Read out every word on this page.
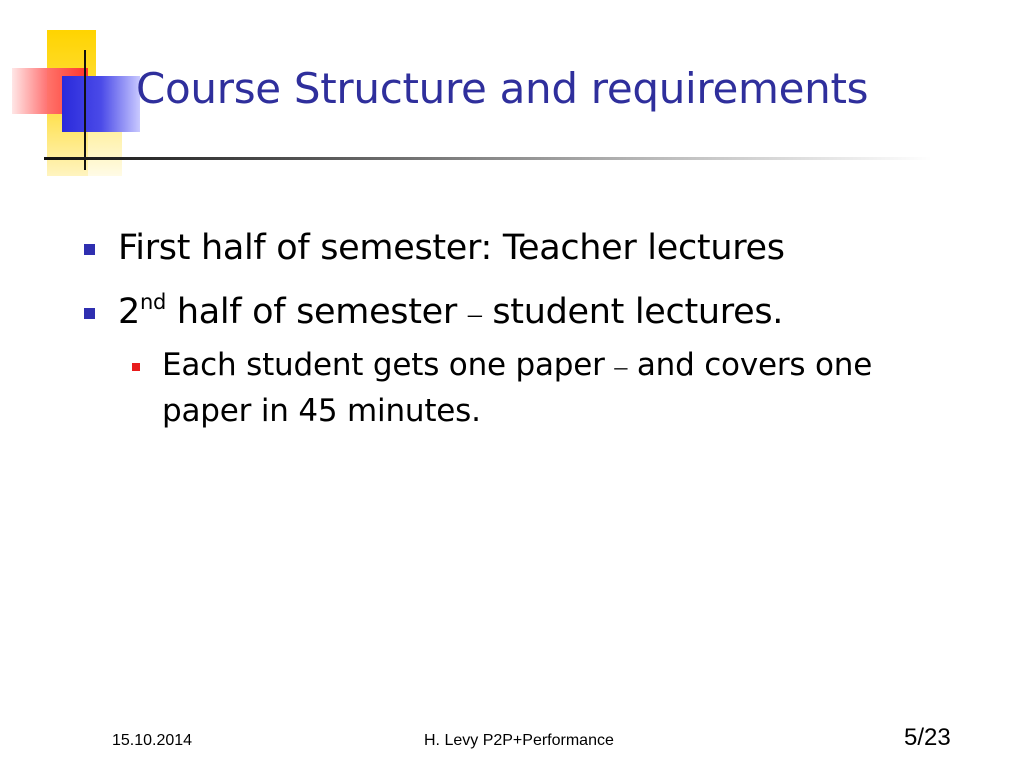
Course Structure and requirements
First half of semester: Teacher lectures
2nd half of semester – student lectures.
Each student gets one paper – and covers one paper in 45 minutes.
15.10.2014	H. Levy P2P+Performance	5/23
